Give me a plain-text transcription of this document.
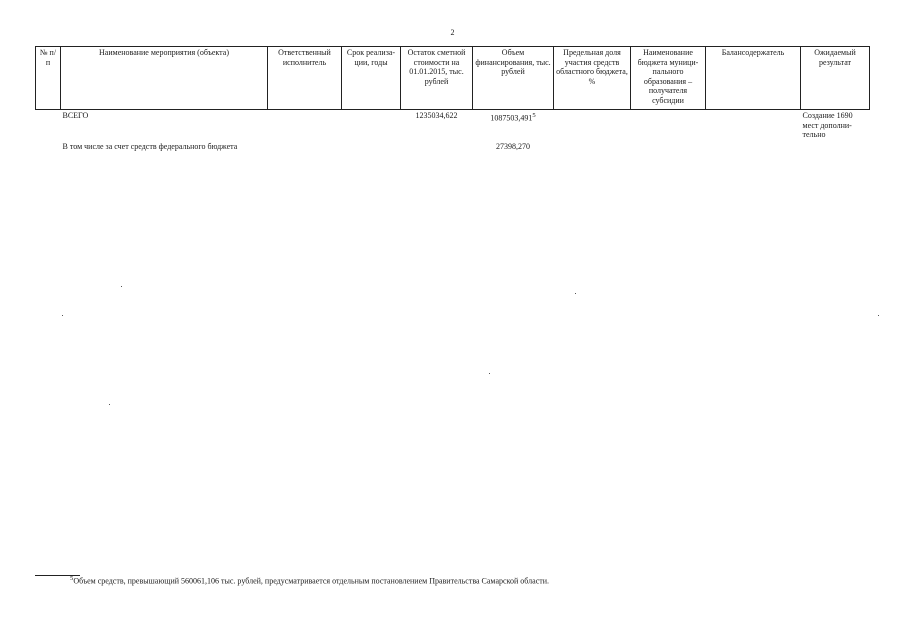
2
№ п/п	Наименование мероприятия (объекта)	Ответственный исполнитель	Срок реализа-ции, годы	Остаток сметной стоимости на 01.01.2015, тыс. рублей	Объем финансирования, тыс. рублей	Предельная доля участия средств областного бюджета, %	Наименование бюджета муници-пального образования – получателя субсидии	Балансодержатель	Ожидаемый результат
	ВСЕГО			1235034,622	1087503,491$^5$				Создание 1690 мест дополни-тельно
	В том числе за счет средств федерального бюджета				27398,270				
$^5$Объем средств, превышающий 560061,106 тыс. рублей, предусматривается отдельным постановлением Правительства Самарской области.
